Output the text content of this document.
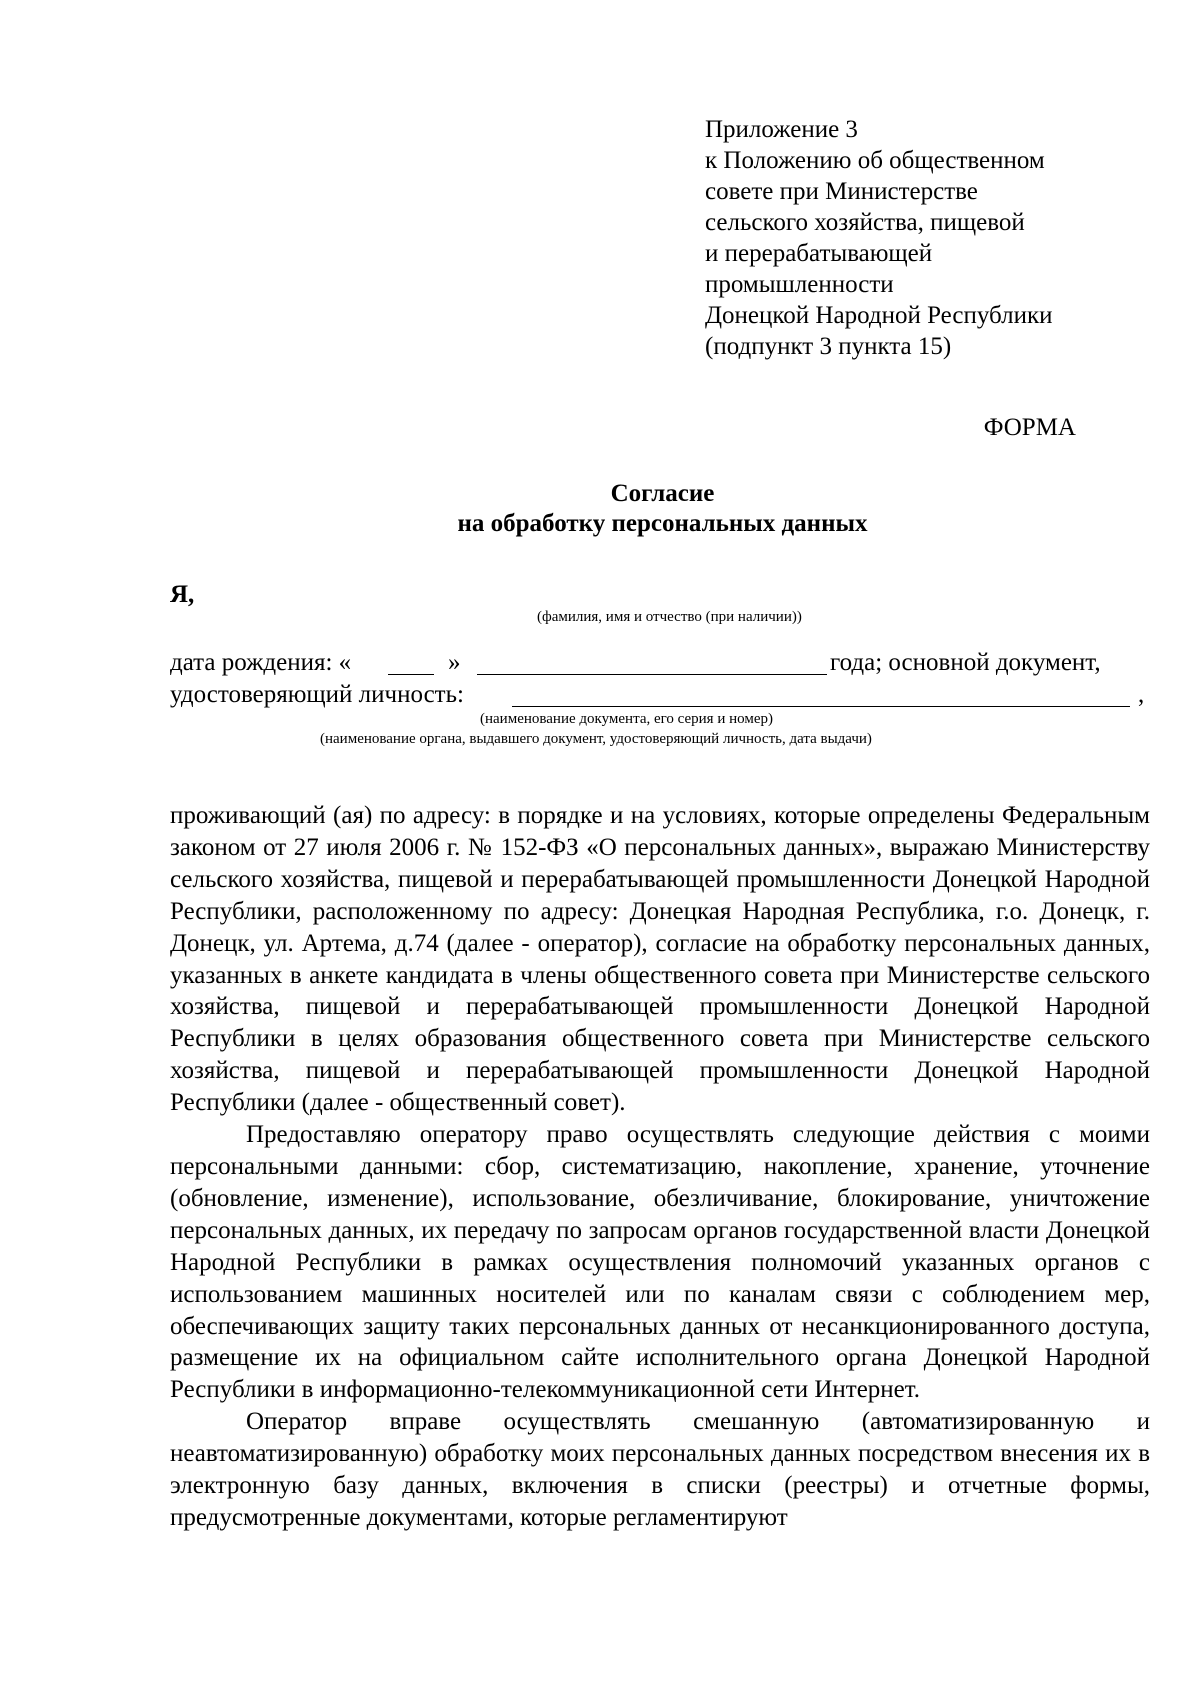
Приложение 3
к Положению об общественном
совете при Министерстве
сельского хозяйства, пищевой
и перерабатывающей
промышленности
Донецкой Народной Республики
(подпункт 3 пункта 15)
ФОРМА
Согласие
на обработку персональных данных
Я,
(фамилия, имя и отчество (при наличии))
дата рождения: «	»	года; основной документ,
удостоверяющий личность:	,
(наименование документа, его серия и номер)
(наименование органа, выдавшего документ, удостоверяющий личность, дата выдачи)

проживающий (ая) по адресу: в порядке и на условиях, которые определены Федеральным законом от 27 июля 2006 г. № 152-ФЗ «О персональных данных», выражаю Министерству сельского хозяйства, пищевой и перерабатывающей промышленности Донецкой Народной Республики, расположенному по адресу: Донецкая Народная Республика, г.о. Донецк, г. Донецк, ул. Артема, д.74 (далее - оператор), согласие на обработку персональных данных, указанных в анкете кандидата в члены общественного совета при Министерстве сельского хозяйства, пищевой и перерабатывающей промышленности Донецкой Народной Республики в целях образования общественного совета при Министерстве сельского хозяйства, пищевой и перерабатывающей промышленности Донецкой Народной Республики (далее - общественный совет).

Предоставляю оператору право осуществлять следующие действия с моими персональными данными: сбор, систематизацию, накопление, хранение, уточнение (обновление, изменение), использование, обезличивание, блокирование, уничтожение персональных данных, их передачу по запросам органов государственной власти Донецкой Народной Республики в рамках осуществления полномочий указанных органов с использованием машинных носителей или по каналам связи с соблюдением мер, обеспечивающих защиту таких персональных данных от несанкционированного доступа, размещение их на официальном сайте исполнительного органа Донецкой Народной Республики в информационно-телекоммуникационной сети Интернет.

Оператор вправе осуществлять смешанную (автоматизированную и неавтоматизированную) обработку моих персональных данных посредством внесения их в электронную базу данных, включения в списки (реестры) и отчетные формы, предусмотренные документами, которые регламентируют
